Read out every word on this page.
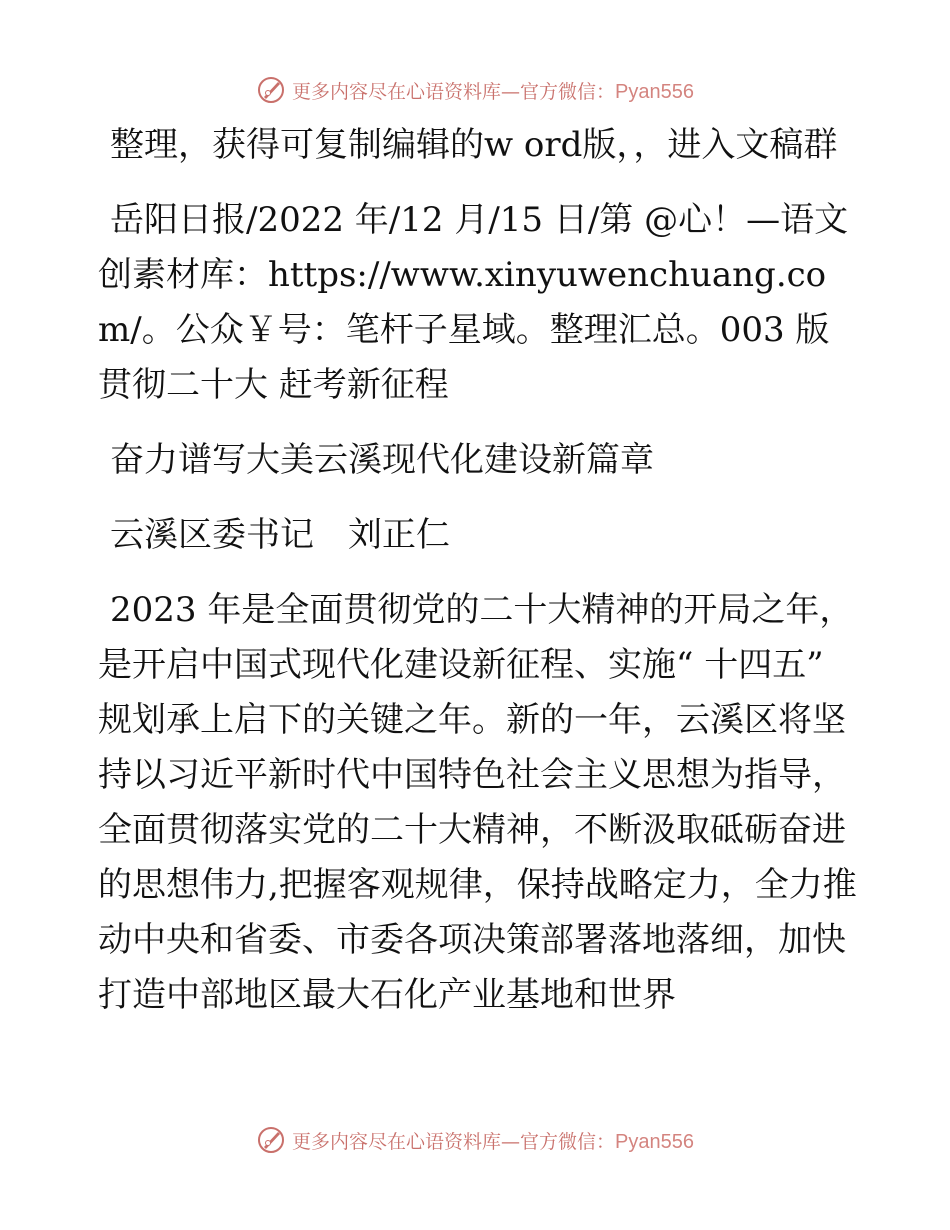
更多内容尽在心语资料库—官方微信：Pyan556

整理，获得可复制编辑的w ord版，，进入文稿群

岳阳日报/2022 年/12 月/15 日/第 @心！—语文创素材库：https://www.xinyuwenchuang.com/。公众￥号：笔杆子星域。整理汇总。003 版贯彻二十大 赶考新征程

奋力谱写大美云溪现代化建设新篇章

云溪区委书记　刘正仁

2023 年是全面贯彻党的二十大精神的开局之年，是开启中国式现代化建设新征程、实施“ 十四五” 规划承上启下的关键之年。新的一年，云溪区将坚持以习近平新时代中国特色社会主义思想为指导，全面贯彻落实党的二十大精神，不断汲取砥砺奋进的思想伟力,把握客观规律，保持战略定力，全力推动中央和省委、市委各项决策部署落地落细，加快打造中部地区最大石化产业基地和世界

更多内容尽在心语资料库—官方微信：Pyan556
